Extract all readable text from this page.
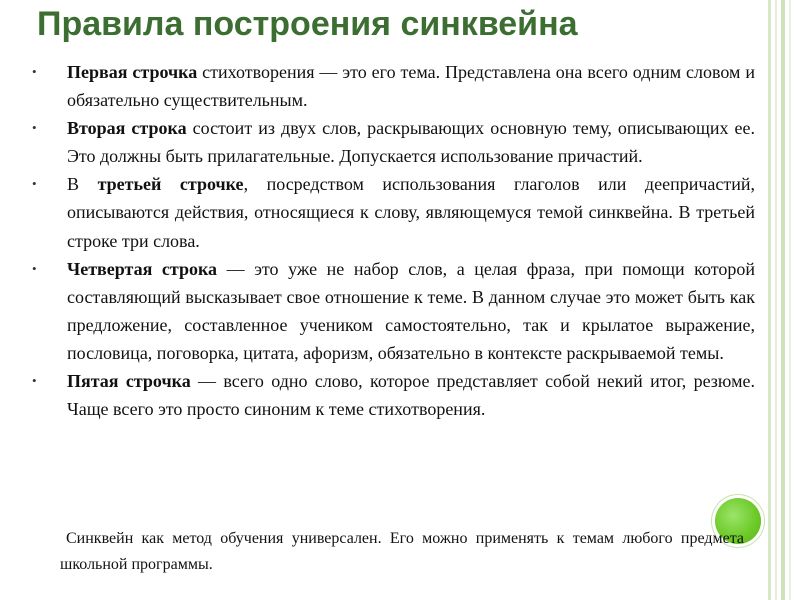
Правила построения синквейна
• Первая строчка стихотворения — это его тема. Представлена она всего одним словом и обязательно существительным.
• Вторая строка состоит из двух слов, раскрывающих основную тему, описывающих ее. Это должны быть прилагательные. Допускается использование причастий.
• В третьей строчке, посредством использования глаголов или деепричастий, описываются действия, относящиеся к слову, являющемуся темой синквейна. В третьей строке три слова.
• Четвертая строка — это уже не набор слов, а целая фраза, при помощи которой составляющий высказывает свое отношение к теме. В данном случае это может быть как предложение, составленное учеником самостоятельно, так и крылатое выражение, пословица, поговорка, цитата, афоризм, обязательно в контексте раскрываемой темы.
• Пятая строчка — всего одно слово, которое представляет собой некий итог, резюме. Чаще всего это просто синоним к теме стихотворения.
Синквейн как метод обучения универсален. Его можно применять к темам любого предмета школьной программы.
